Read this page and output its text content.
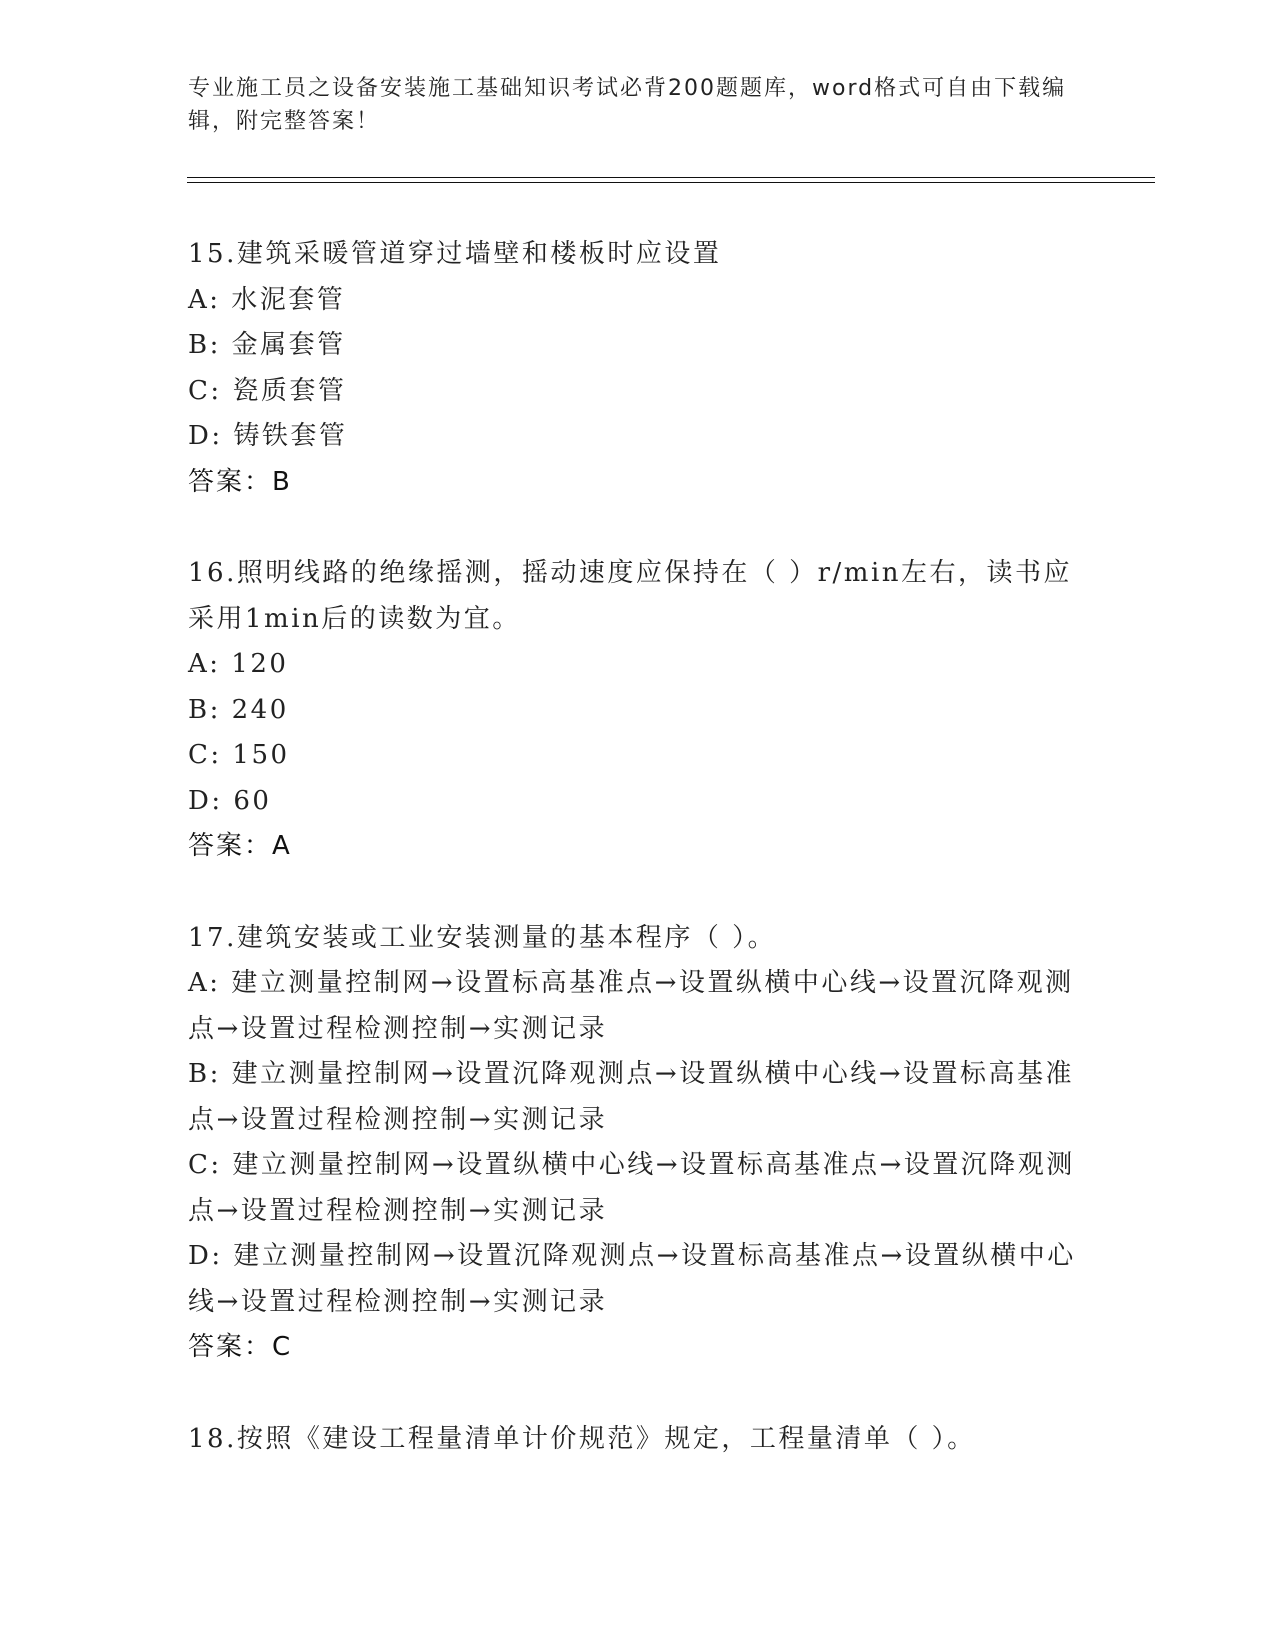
专业施工员之设备安装施工基础知识考试必背200题题库，word格式可自由下载编辑，附完整答案！
15.建筑采暖管道穿过墙壁和楼板时应设置
A: 水泥套管
B: 金属套管
C: 瓷质套管
D: 铸铁套管
答案：B
16.照明线路的绝缘摇测，摇动速度应保持在（ ）r/min左右，读书应采用1min后的读数为宜。
A: 120
B: 240
C: 150
D: 60
答案：A
17.建筑安装或工业安装测量的基本程序（ ）。
A: 建立测量控制网→设置标高基准点→设置纵横中心线→设置沉降观测点→设置过程检测控制→实测记录
B: 建立测量控制网→设置沉降观测点→设置纵横中心线→设置标高基准点→设置过程检测控制→实测记录
C: 建立测量控制网→设置纵横中心线→设置标高基准点→设置沉降观测点→设置过程检测控制→实测记录
D: 建立测量控制网→设置沉降观测点→设置标高基准点→设置纵横中心线→设置过程检测控制→实测记录
答案：C
18.按照《建设工程量清单计价规范》规定，工程量清单（ ）。
